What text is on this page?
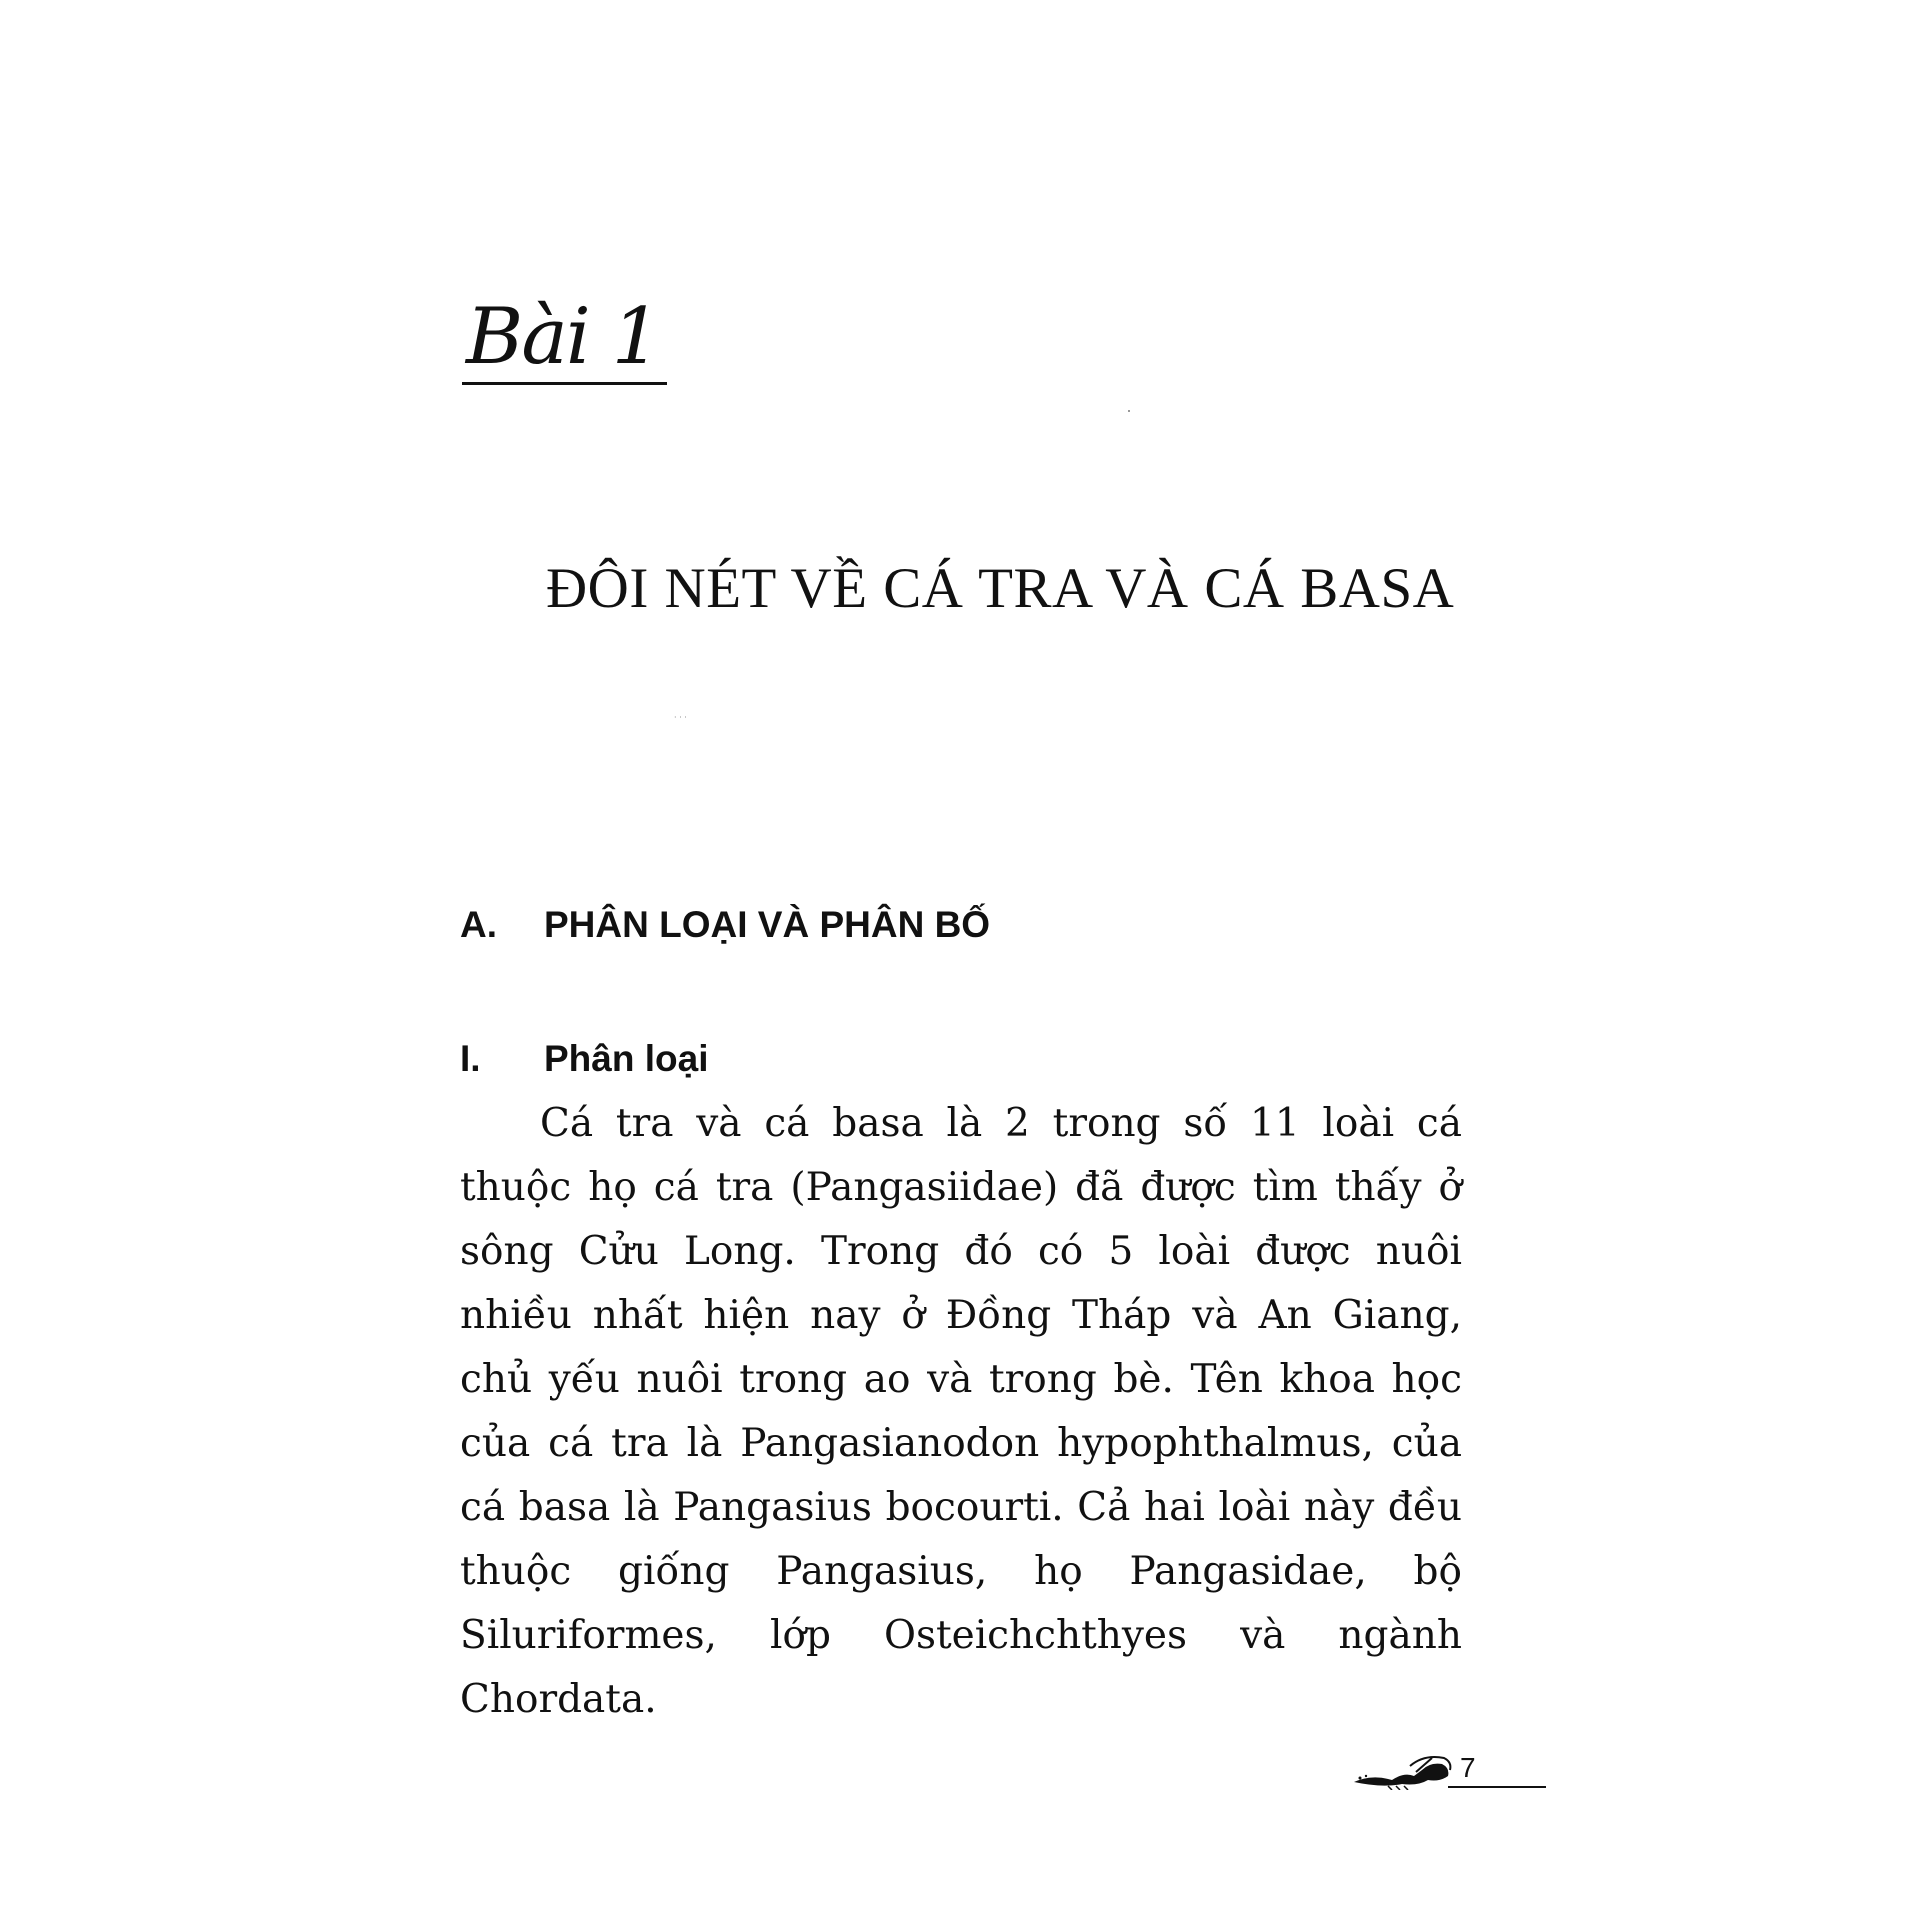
Bài 1
ĐÔI NÉT VỀ CÁ TRA VÀ CÁ BASA
· · ·
A. PHÂN LOẠI VÀ PHÂN BỐ
I. Phân loại

Cá tra và cá basa là 2 trong số 11 loài cá thuộc họ cá tra (Pangasiidae) đã được tìm thấy ở sông Cửu Long. Trong đó có 5 loài được nuôi nhiều nhất hiện nay ở Đồng Tháp và An Giang, chủ yếu nuôi trong ao và trong bè. Tên khoa học của cá tra là Pangasianodon hypophthalmus, của cá basa là Pangasius bocourti. Cả hai loài này đều thuộc giống Pangasius, họ Pangasidae, bộ Siluriformes, lớp Osteichchthyes và ngành Chordata.

7
